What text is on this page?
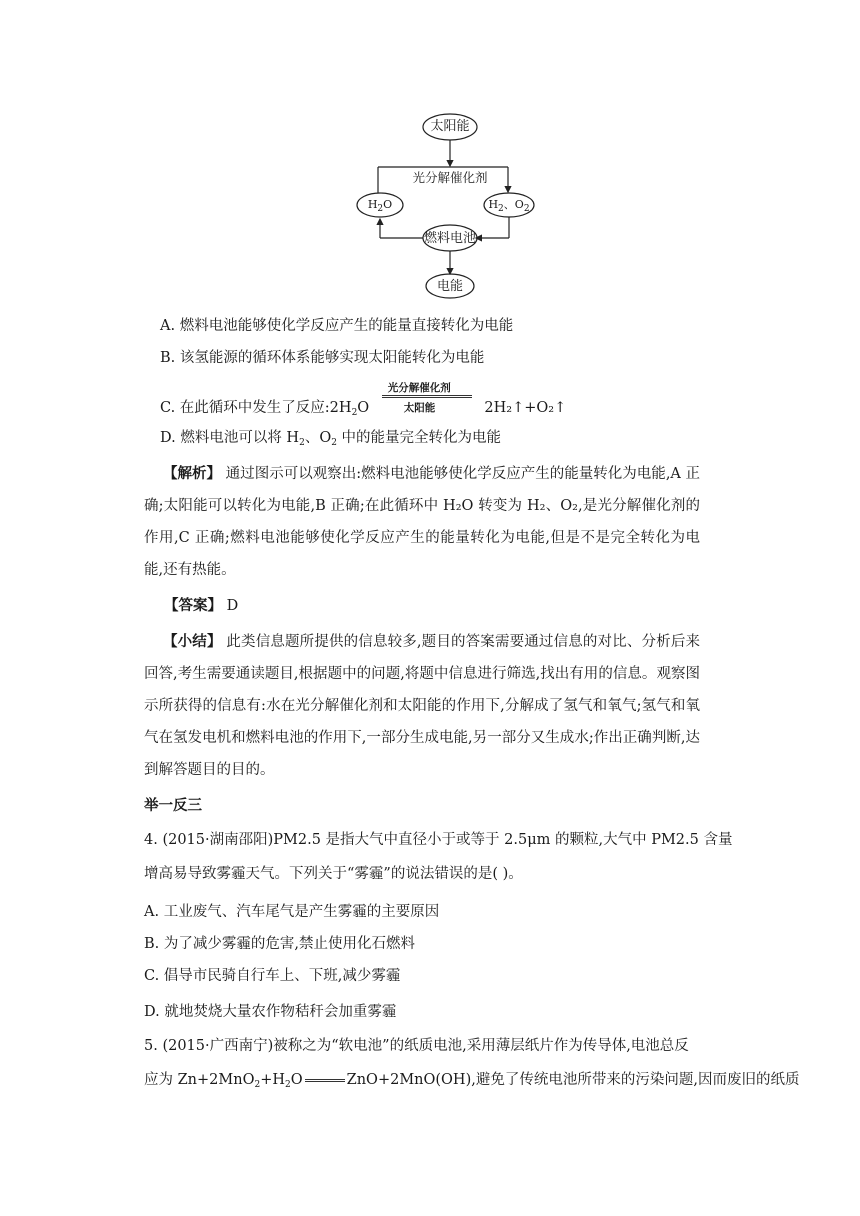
太阳能
光分解催化剂
$H_2O$	$H_2$、$O_2$
燃料电池
电能
A. 燃料电池能够使化学反应产生的能量直接转化为电能
B. 该氢能源的循环体系能够实现太阳能转化为电能
C. 在此循环中发生了反应$:2H_2O$
光分解催化剂
太阳能	2H₂↑+O₂↑
D. 燃料电池可以将 $H_2$、$O_2$ 中的能量完全转化为电能
【解析】 通过图示可以观察出:燃料电池能够使化学反应产生的能量转化为电能,A 正确;太阳能可以转化为电能,B 正确;在此循环中 H₂O 转变为 H₂、O₂,是光分解催化剂的作用,C 正确;燃料电池能够使化学反应产生的能量转化为电能,但是不是完全转化为电能,还有热能。
【答案】 D
【小结】 此类信息题所提供的信息较多,题目的答案需要通过信息的对比、分析后来回答,考生需要通读题目,根据题中的问题,将题中信息进行筛选,找出有用的信息。观察图示所获得的信息有:水在光分解催化剂和太阳能的作用下,分解成了氢气和氧气;氢气和氧气在氢发电机和燃料电池的作用下,一部分生成电能,另一部分又生成水;作出正确判断,达到解答题目的目的。
举一反三
4. (2015·湖南邵阳)PM2.5 是指大气中直径小于或等于 2.5μm 的颗粒,大气中 PM2.5 含量
增高易导致雾霾天气。下列关于“雾霾”的说法错误的是( )。
A. 工业废气、汽车尾气是产生雾霾的主要原因
B. 为了减少雾霾的危害,禁止使用化石燃料
C. 倡导市民骑自行车上、下班,减少雾霾
D. 就地焚烧大量农作物秸秆会加重雾霾
5. (2015·广西南宁)被称之为“软电池”的纸质电池,采用薄层纸片作为传导体,电池总反
应为 $Zn+2MnO_2+H_2O$	ZnO+2MnO(OH),避免了传统电池所带来的污染问题,因而废旧的纸质
